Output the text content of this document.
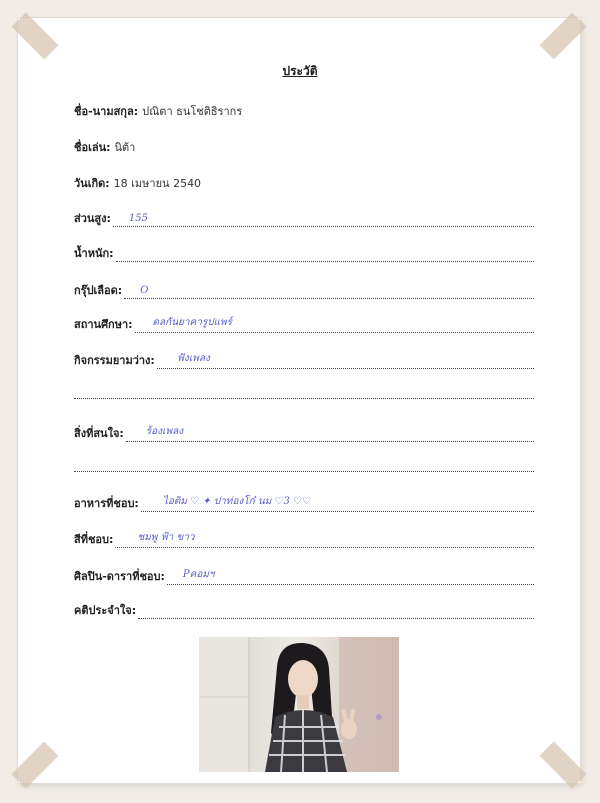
ประวัติ
ชื่อ-นามสกุล: ปณิตา ธนโชติธิรากร
ชื่อเล่น: นิต้า
วันเกิด: 18 เมษายน 2540
ส่วนสูง: 155
น้ำหนัก:
กรุ๊ปเลือด: O
สถานศึกษา: ดลกันยาคารูปแพร์
กิจกรรมยามว่าง: ฟังเพลง
สิ่งที่สนใจ: ร้องเพลง
อาหารที่ชอบ: ไอติม ♡ ✦ ปาท่องโก๋ นม ♡3 ♡♡
สีที่ชอบ: ชมพู ฟ้า ขาว
ศิลปิน-ดาราที่ชอบ: Pคอมฯ
คติประจำใจ:
